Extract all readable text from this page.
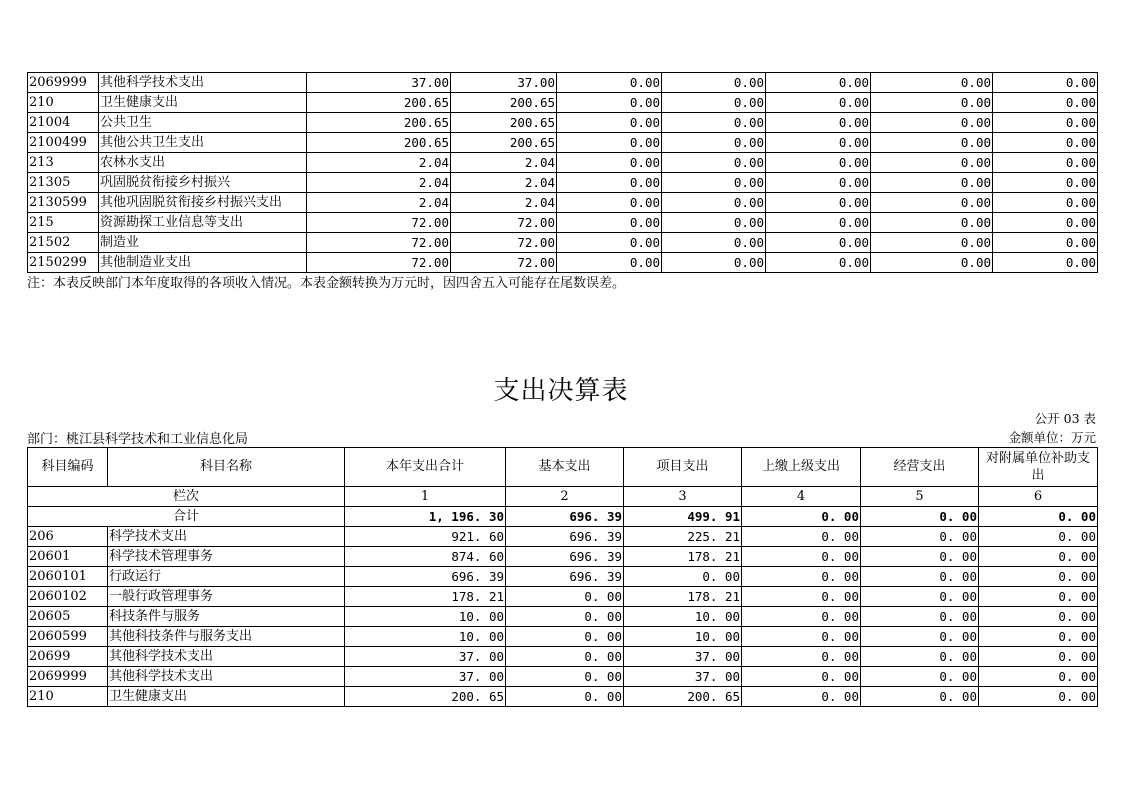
2069999	其他科学技术支出	37.00	37.00	0.00	0.00	0.00	0.00	0.00
210	卫生健康支出	200.65	200.65	0.00	0.00	0.00	0.00	0.00
21004	公共卫生	200.65	200.65	0.00	0.00	0.00	0.00	0.00
2100499	其他公共卫生支出	200.65	200.65	0.00	0.00	0.00	0.00	0.00
213	农林水支出	2.04	2.04	0.00	0.00	0.00	0.00	0.00
21305	巩固脱贫衔接乡村振兴	2.04	2.04	0.00	0.00	0.00	0.00	0.00
2130599	其他巩固脱贫衔接乡村振兴支出	2.04	2.04	0.00	0.00	0.00	0.00	0.00
215	资源勘探工业信息等支出	72.00	72.00	0.00	0.00	0.00	0.00	0.00
21502	制造业	72.00	72.00	0.00	0.00	0.00	0.00	0.00
2150299	其他制造业支出	72.00	72.00	0.00	0.00	0.00	0.00	0.00
注：本表反映部门本年度取得的各项收入情况。本表金额转换为万元时，因四舍五入可能存在尾数误差。
支出决算表
公开 03 表
部门：桃江县科学技术和工业信息化局	金额单位：万元
科目编码	科目名称	本年支出合计	基本支出	项目支出	上缴上级支出	经营支出	对附属单位补助支出
栏次		1	2	3	4	5	6
合计		1, 196. 30	696. 39	499. 91	0. 00	0. 00	0. 00
206	科学技术支出	921. 60	696. 39	225. 21	0. 00	0. 00	0. 00
20601	科学技术管理事务	874. 60	696. 39	178. 21	0. 00	0. 00	0. 00
2060101	行政运行	696. 39	696. 39	0. 00	0. 00	0. 00	0. 00
2060102	一般行政管理事务	178. 21	0. 00	178. 21	0. 00	0. 00	0. 00
20605	科技条件与服务	10. 00	0. 00	10. 00	0. 00	0. 00	0. 00
2060599	其他科技条件与服务支出	10. 00	0. 00	10. 00	0. 00	0. 00	0. 00
20699	其他科学技术支出	37. 00	0. 00	37. 00	0. 00	0. 00	0. 00
2069999	其他科学技术支出	37. 00	0. 00	37. 00	0. 00	0. 00	0. 00
210	卫生健康支出	200. 65	0. 00	200. 65	0. 00	0. 00	0. 00
